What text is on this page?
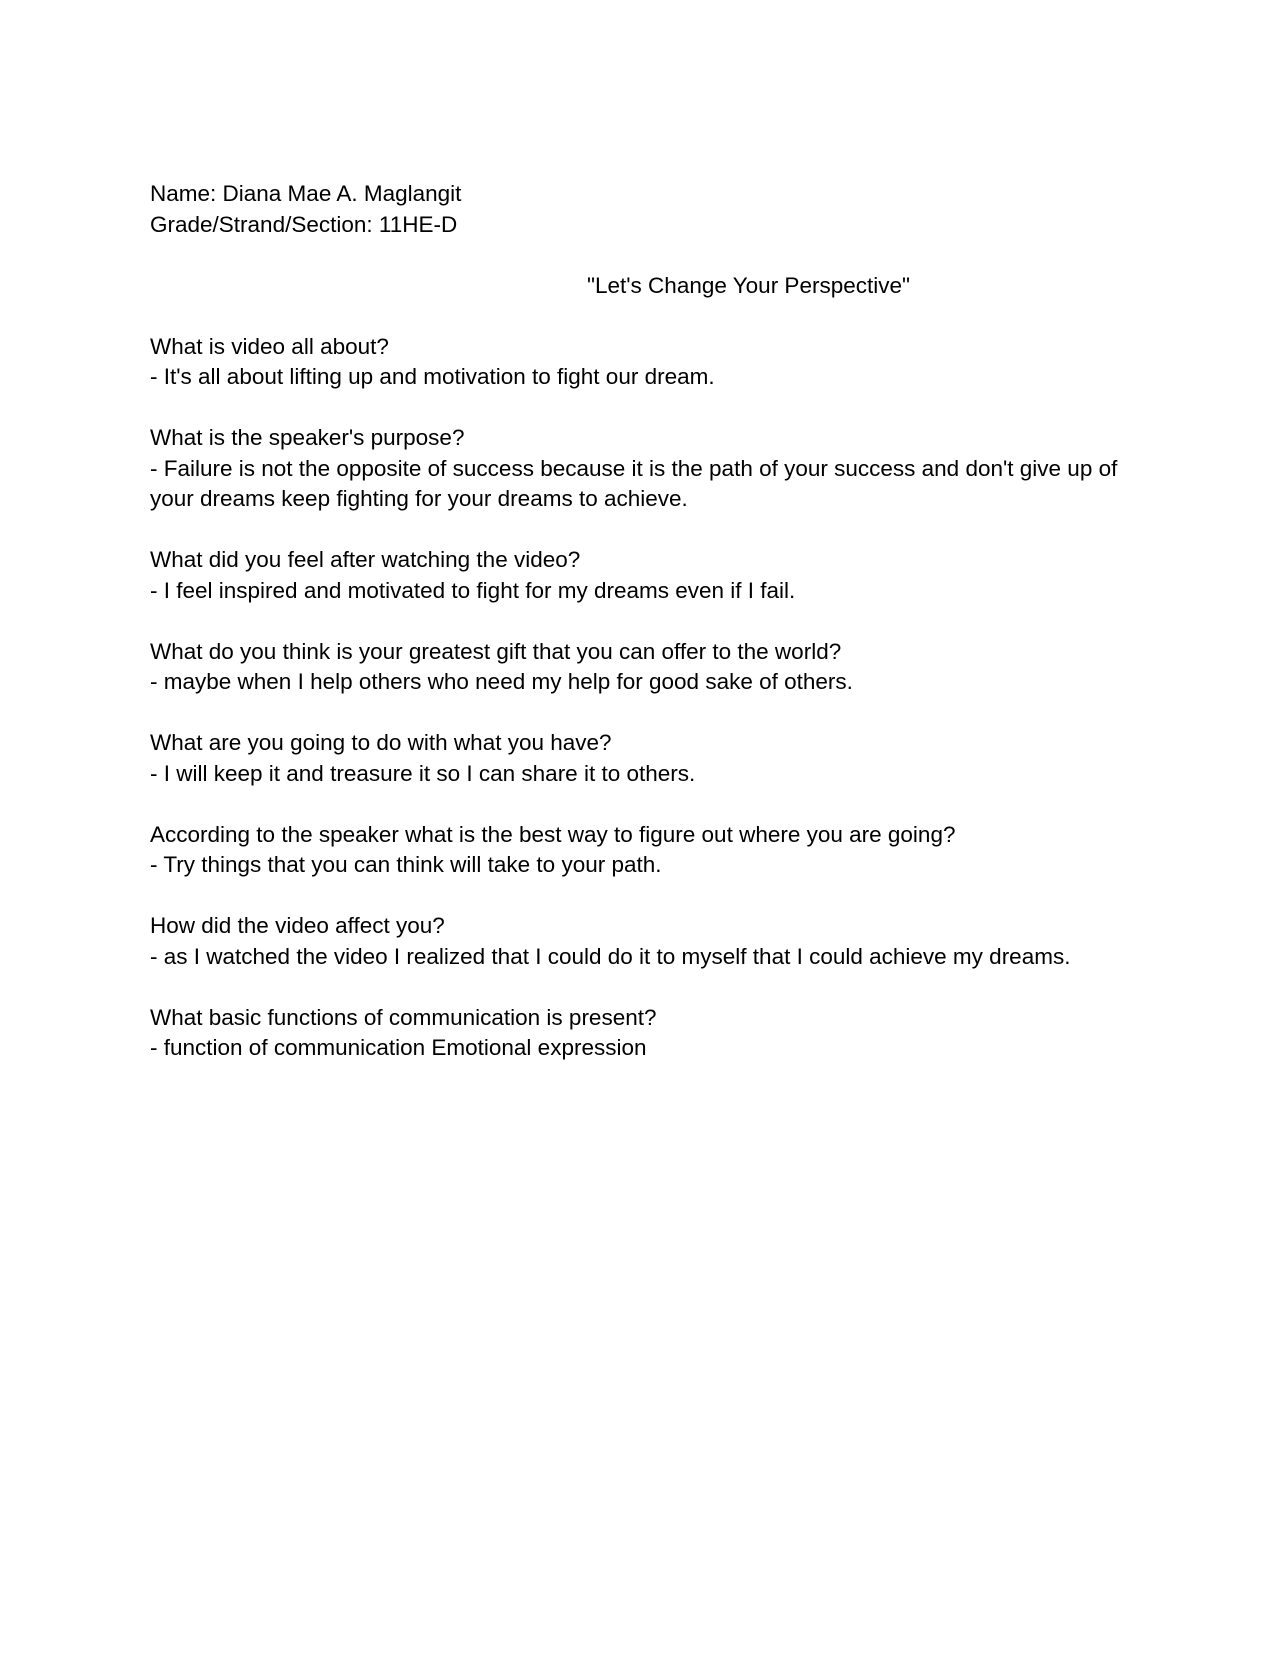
Name: Diana Mae A. Maglangit
Grade/Strand/Section: 11HE-D
"Let's Change Your Perspective"
What is video all about?
- It's all about lifting up and motivation to fight our dream.
What is the speaker's purpose?
- Failure is not the opposite of success because it is the path of your success and don't give up of your dreams keep fighting for your dreams to achieve.
What did you feel after watching the video?
- I feel inspired and motivated to fight for my dreams even if I fail.
What do you think is your greatest gift that you can offer to the world?
- maybe when I help others who need my help for good sake of others.
What are you going to do with what you have?
- I will keep it and treasure it so I can share it to others.
According to the speaker what is the best way to figure out where you are going?
- Try things that you can think will take to your path.
How did the video affect you?
- as I watched the video I realized that I could do it to myself that I could achieve my dreams.
What basic functions of communication is present?
- function of communication Emotional expression
